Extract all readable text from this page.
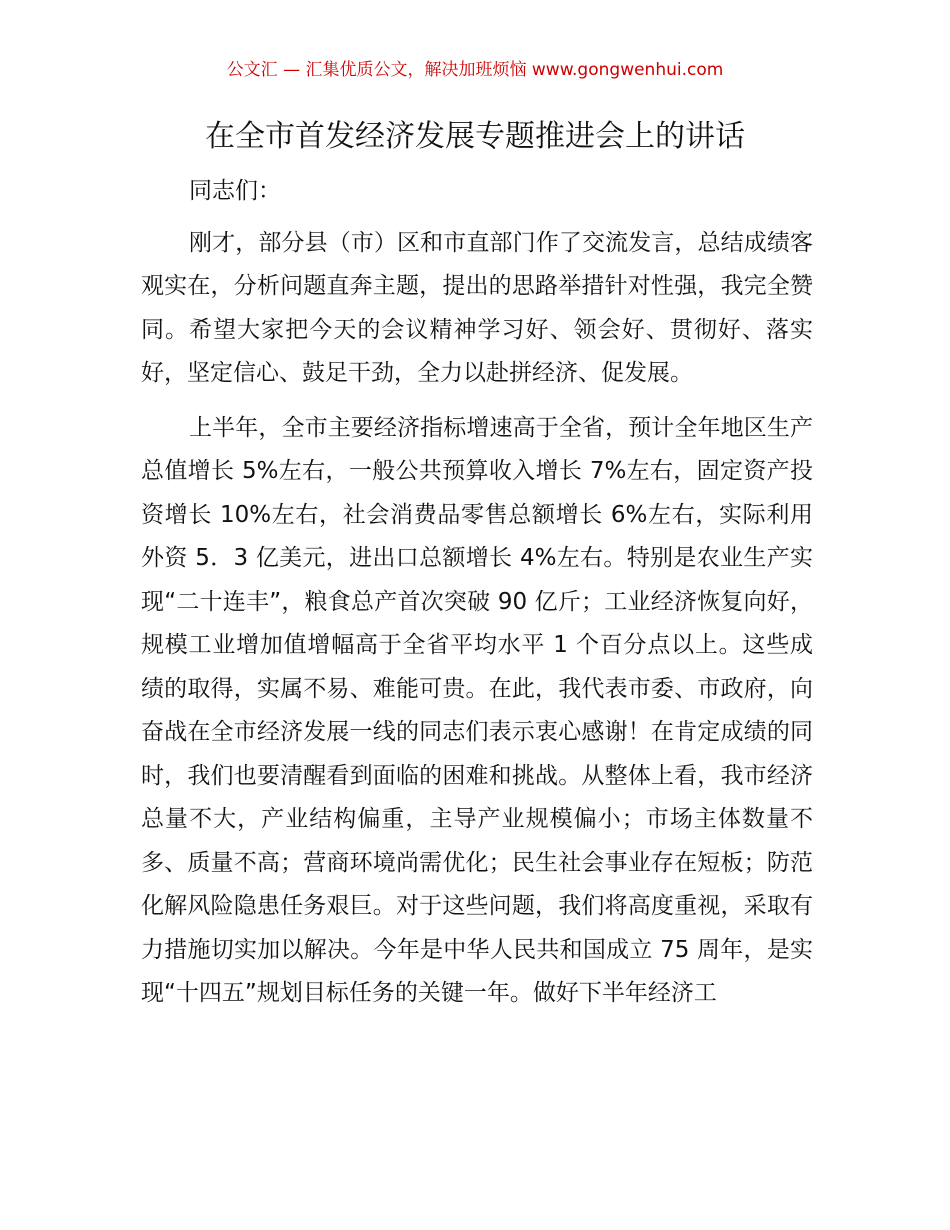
公文汇 — 汇集优质公文，解决加班烦恼 www.gongwenhui.com
在全市首发经济发展专题推进会上的讲话

同志们：

刚才，部分县（市）区和市直部门作了交流发言，总结成绩客观实在，分析问题直奔主题，提出的思路举措针对性强，我完全赞同。希望大家把今天的会议精神学习好、领会好、贯彻好、落实好，坚定信心、鼓足干劲，全力以赴拼经济、促发展。

上半年，全市主要经济指标增速高于全省，预计全年地区生产总值增长 5%左右，一般公共预算收入增长 7%左右，固定资产投资增长 10%左右，社会消费品零售总额增长 6%左右，实际利用外资 5．3 亿美元，进出口总额增长 4%左右。特别是农业生产实现“二十连丰”，粮食总产首次突破 90 亿斤；工业经济恢复向好，规模工业增加值增幅高于全省平均水平 1 个百分点以上。这些成绩的取得，实属不易、难能可贵。在此，我代表市委、市政府，向奋战在全市经济发展一线的同志们表示衷心感谢！在肯定成绩的同时，我们也要清醒看到面临的困难和挑战。从整体上看，我市经济总量不大，产业结构偏重，主导产业规模偏小；市场主体数量不多、质量不高；营商环境尚需优化；民生社会事业存在短板；防范化解风险隐患任务艰巨。对于这些问题，我们将高度重视，采取有力措施切实加以解决。今年是中华人民共和国成立 75 周年，是实现“十四五”规划目标任务的关键一年。做好下半年经济工
